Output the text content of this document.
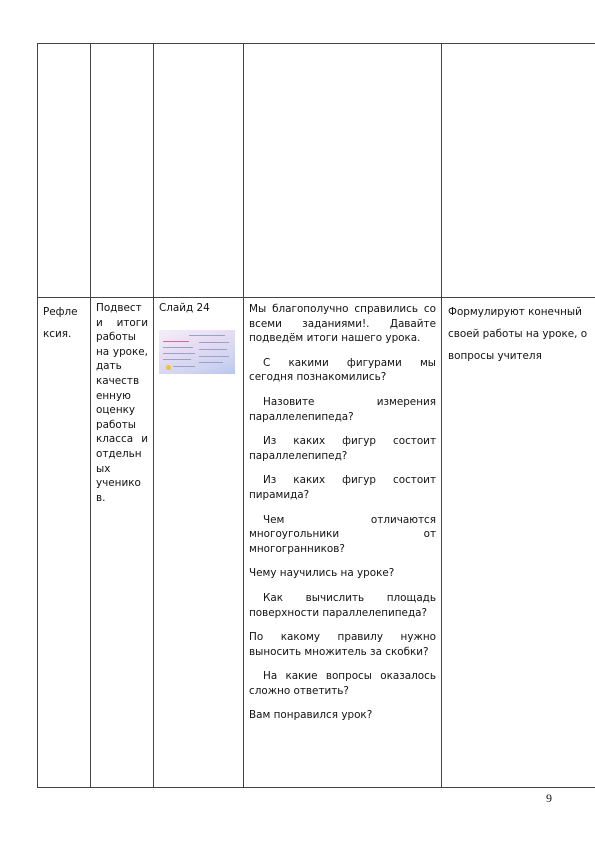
Рефле ксия.
Подвест и итоги работы на уроке, дать качеств енную оценку работы класса и отдельн ых ученико в.
Слайд 24	Мы благополучно справились со всеми заданиями!. Давайте подведём итоги нашего урока.

С какими фигурами мы сегодня познакомились?

Назовите измерения параллелепипеда?

Из каких фигур состоит параллелепипед?

Из каких фигур состоит пирамида?

Чем отличаются многоугольники от многогранников?

Чему научились на уроке?

Как вычислить площадь поверхности параллелепипеда?

По какому правилу нужно выносить множитель за скобки?

На какие вопросы оказалось сложно ответить?

Вам понравился урок?

Формулируют конечный своей работы на уроке, о вопросы учителя
9
